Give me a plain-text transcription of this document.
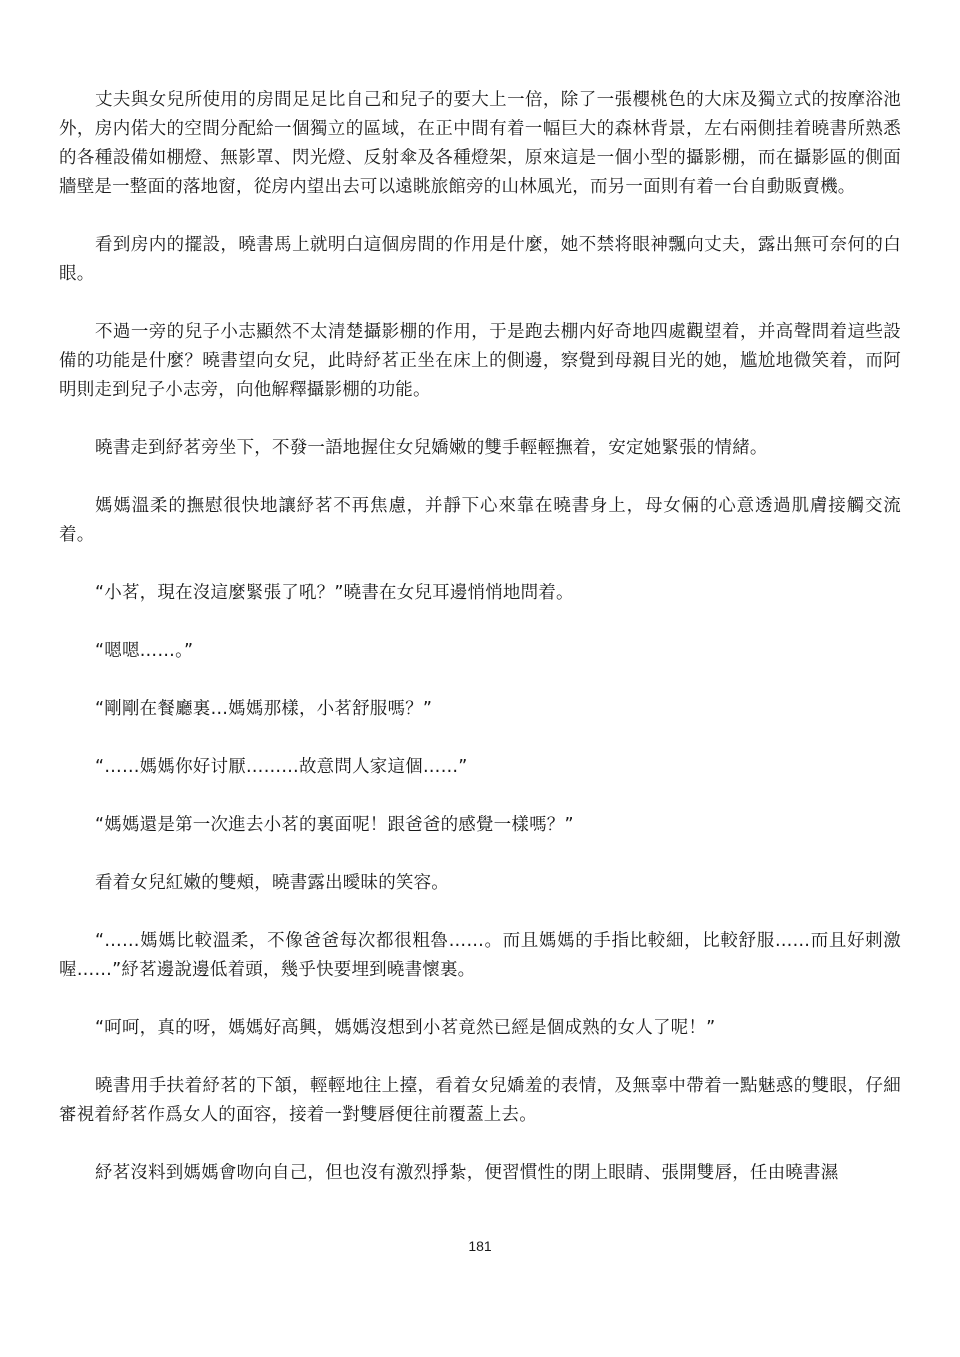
丈夫與女兒所使用的房間足足比自己和兒子的要大上一倍，除了一張櫻桃色的大床及獨立式的按摩浴池外，房内偌大的空間分配給一個獨立的區域，在正中間有着一幅巨大的森林背景，左右兩側挂着曉書所熟悉的各種設備如棚燈、無影罩、閃光燈、反射傘及各種燈架，原來這是一個小型的攝影棚，而在攝影區的側面牆壁是一整面的落地窗，從房内望出去可以遠眺旅館旁的山林風光，而另一面則有着一台自動販賣機。

看到房内的擺設，曉書馬上就明白這個房間的作用是什麼，她不禁将眼神飄向丈夫，露出無可奈何的白眼。

不過一旁的兒子小志顯然不太清楚攝影棚的作用，于是跑去棚内好奇地四處觀望着，并高聲問着這些設備的功能是什麼？曉書望向女兒，此時紓茗正坐在床上的側邊，察覺到母親目光的她，尴尬地微笑着，而阿明則走到兒子小志旁，向他解釋攝影棚的功能。

曉書走到紓茗旁坐下，不發一語地握住女兒嬌嫩的雙手輕輕撫着，安定她緊張的情緒。

媽媽溫柔的撫慰很快地讓紓茗不再焦慮，并靜下心來靠在曉書身上，母女倆的心意透過肌膚接觸交流着。

“小茗，現在沒這麼緊張了吼？”曉書在女兒耳邊悄悄地問着。

“嗯嗯……。”

“剛剛在餐廳裏…媽媽那樣，小茗舒服嗎？”

“……媽媽你好讨厭………故意問人家這個……”

“媽媽還是第一次進去小茗的裏面呢！跟爸爸的感覺一樣嗎？”

看着女兒紅嫩的雙頰，曉書露出曖昧的笑容。

“……媽媽比較溫柔，不像爸爸每次都很粗魯……。而且媽媽的手指比較細，比較舒服……而且好刺激喔……”紓茗邊說邊低着頭，幾乎快要埋到曉書懷裏。

“呵呵，真的呀，媽媽好高興，媽媽沒想到小茗竟然已經是個成熟的女人了呢！”

曉書用手扶着紓茗的下頷，輕輕地往上擡，看着女兒嬌羞的表情，及無辜中帶着一點魅惑的雙眼，仔細審視着紓茗作爲女人的面容，接着一對雙唇便往前覆蓋上去。

紓茗沒料到媽媽會吻向自己，但也沒有激烈掙紮，便習慣性的閉上眼睛、張開雙唇，任由曉書濕

181
